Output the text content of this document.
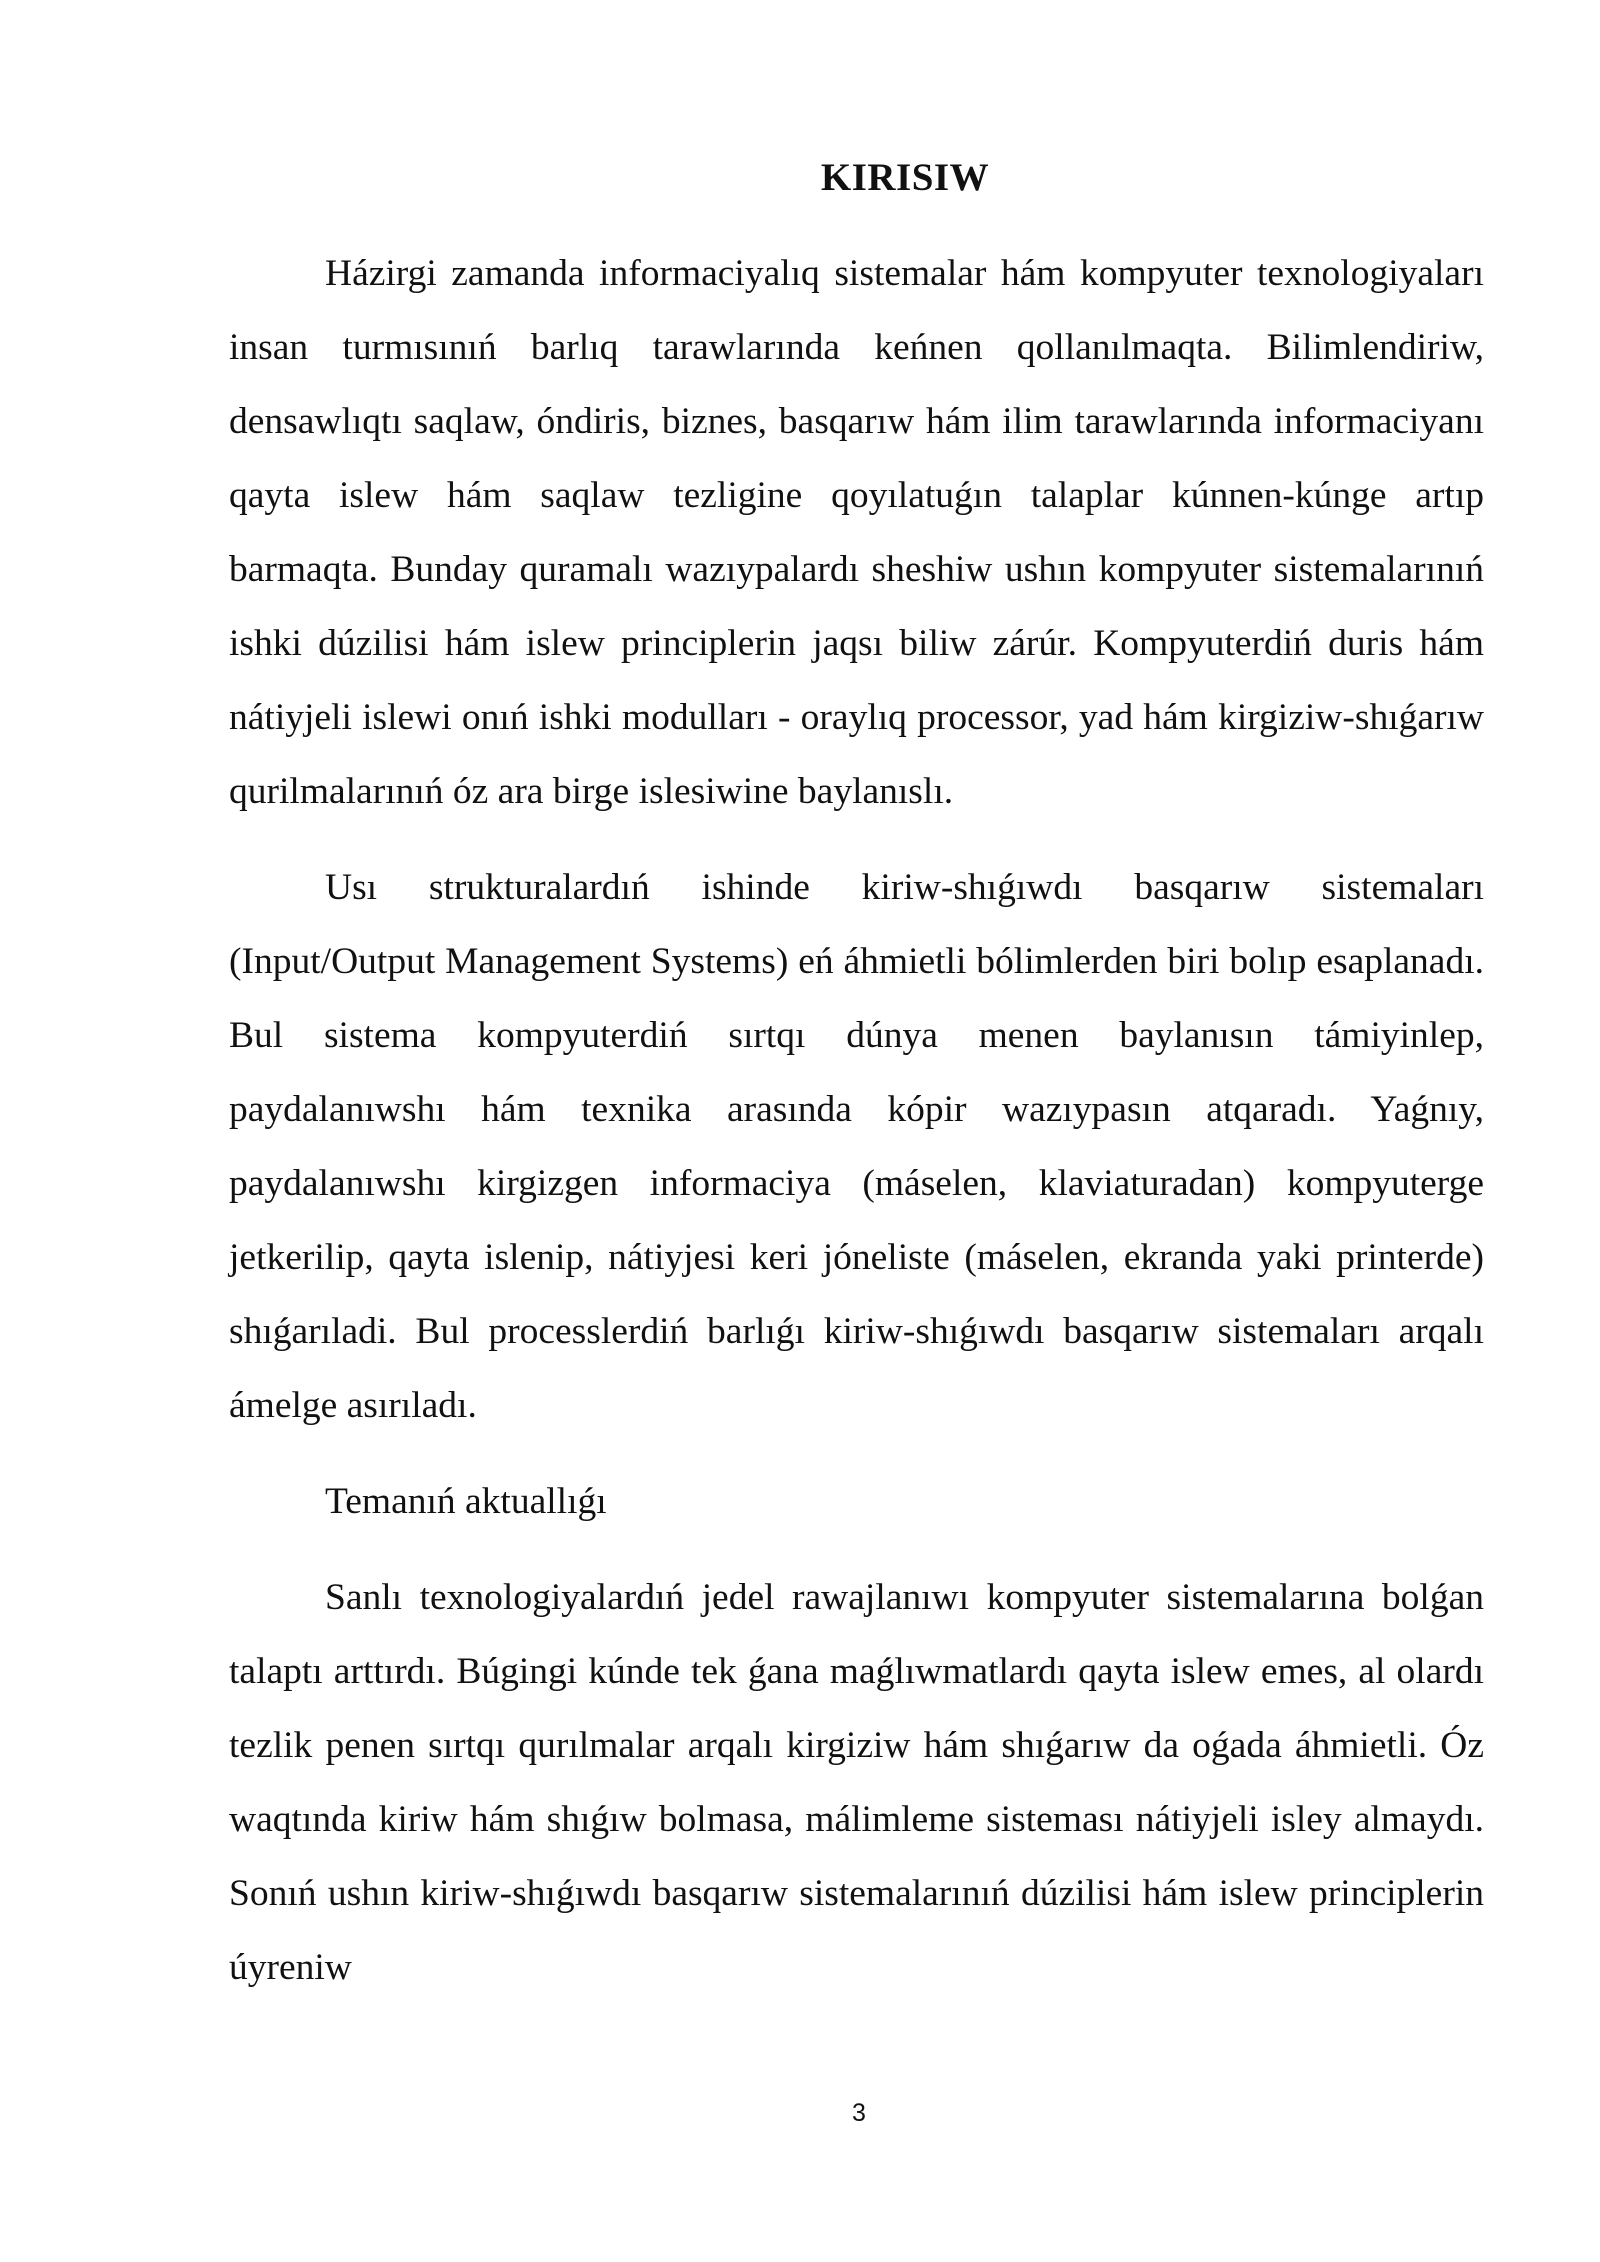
KIRISIW

Házirgi zamanda informaciyalıq sistemalar hám kompyuter texnologiyaları insan turmısınıń barlıq tarawlarında keńnen qollanılmaqta. Bilimlendiriw, densawlıqtı saqlaw, óndiris, biznes, basqarıw hám ilim tarawlarında informaciyanı qayta islew hám saqlaw tezligine qoyılatuǵın talaplar kúnnen-kúnge artıp barmaqta. Bunday quramalı wazıypalardı sheshiw ushın kompyuter sistemalarınıń ishki dúzilisi hám islew principlerin jaqsı biliw zárúr. Kompyuterdiń duris hám nátiyjeli islewi onıń ishki modulları - oraylıq processor, yad hám kirgiziw-shıǵarıw qurilmalarınıń óz ara birge islesiwine baylanıslı.

Usı strukturalardıń ishinde kiriw-shıǵıwdı basqarıw sistemaları (Input/Output Management Systems) eń áhmietli bólimlerden biri bolıp esaplanadı. Bul sistema kompyuterdiń sırtqı dúnya menen baylanısın támiyinlep, paydalanıwshı hám texnika arasında kópir wazıypasın atqaradı. Yaǵnıy, paydalanıwshı kirgizgen informaciya (máselen, klaviaturadan) kompyuterge jetkerilip, qayta islenip, nátiyjesi keri jóneliste (máselen, ekranda yaki printerde) shıǵarıladi. Bul processlerdiń barlıǵı kiriw-shıǵıwdı basqarıw sistemaları arqalı ámelge asırıladı.

Temanıń aktuallıǵı

Sanlı texnologiyalardıń jedel rawajlanıwı kompyuter sistemalarına bolǵan talaptı arttırdı. Búgingi kúnde tek ǵana maǵlıwmatlardı qayta islew emes, al olardı tezlik penen sırtqı qurılmalar arqalı kirgiziw hám shıǵarıw da oǵada áhmietli. Óz waqtında kiriw hám shıǵıw bolmasa, málimleme sisteması nátiyjeli isley almaydı. Sonıń ushın kiriw-shıǵıwdı basqarıw sistemalarınıń dúzilisi hám islew principlerin úyreniw

3
